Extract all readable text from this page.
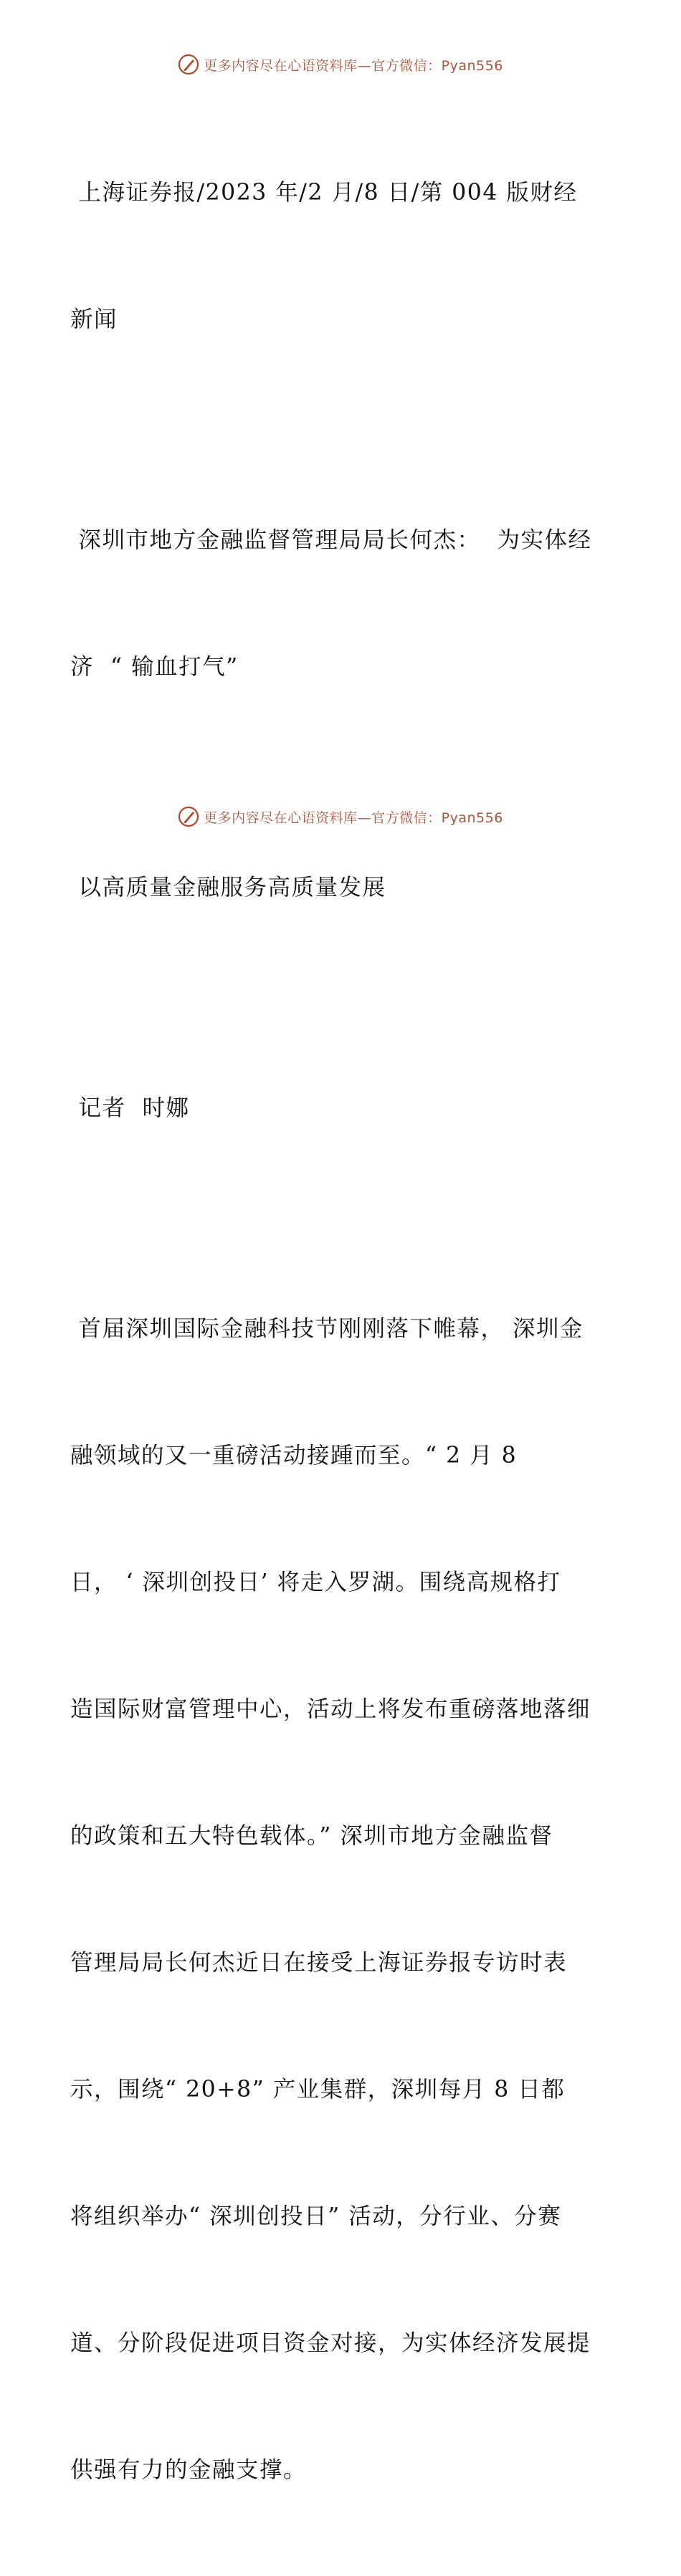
更多内容尽在心语资料库—官方微信：Pyan556

上海证券报/2023 年/2 月/8 日/第 004 版财经

新闻

深圳市地方金融监督管理局局长何杰：  为实体经

济  “ 输血打气”

以高质量金融服务高质量发展

记者  时娜

首届深圳国际金融科技节刚刚落下帷幕， 深圳金

融领域的又一重磅活动接踵而至。“ 2 月 8

日， ‘ 深圳创投日’ 将走入罗湖。围绕高规格打

造国际财富管理中心，活动上将发布重磅落地落细

的政策和五大特色载体。” 深圳市地方金融监督

管理局局长何杰近日在接受上海证券报专访时表

示，围绕“ 20+8” 产业集群，深圳每月 8 日都

将组织举办“ 深圳创投日” 活动，分行业、分赛

道、分阶段促进项目资金对接，为实体经济发展提

供强有力的金融支撑。

更多内容尽在心语资料库—官方微信：Pyan556
